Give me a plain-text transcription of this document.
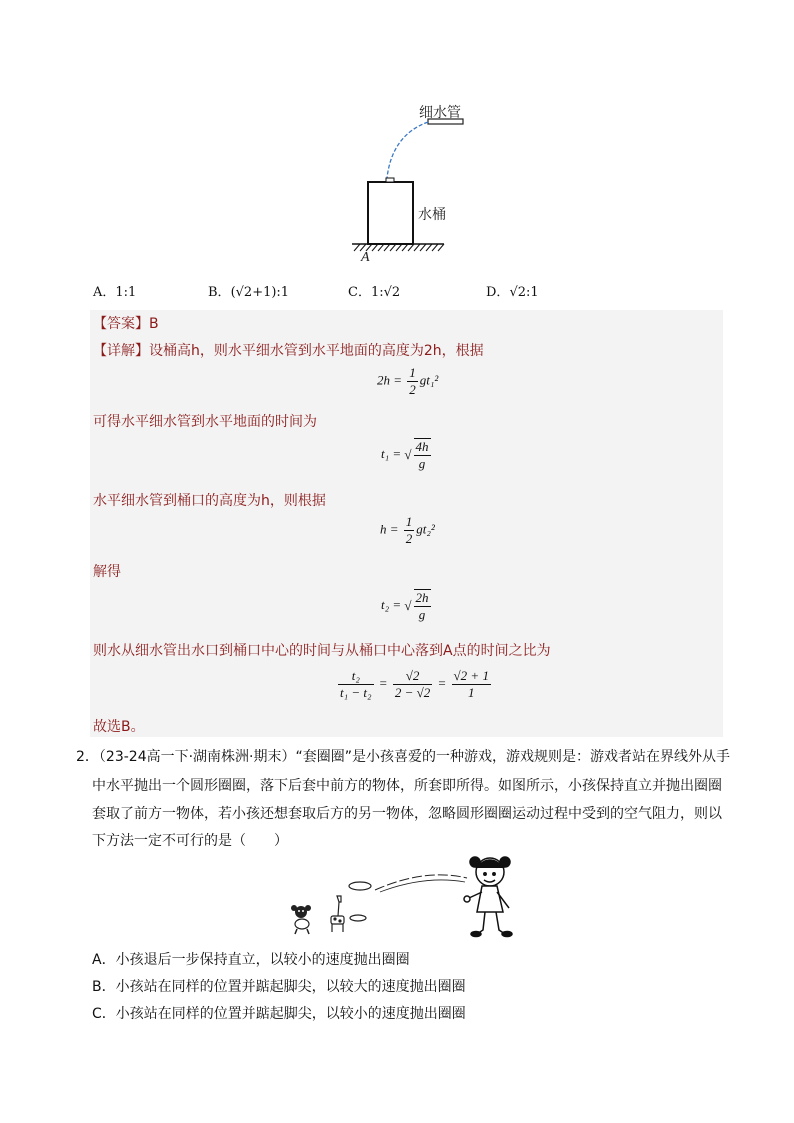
细水管
水桶
A
A．1:1	B．(√2+1):1	C．1:√2	D．√2:1
【答案】B
【详解】设桶高h，则水平细水管到水平地面的高度为2h，根据
$2h = \frac{1}{2} gt_1^2$
可得水平细水管到水平地面的时间为
t₁ = √ $\frac{4h}{g}$
水平细水管到桶口的高度为h，则根据
$h = \frac{1}{2} gt_2^2$
解得
t₂ = √ $\frac{2h}{g}$
则水从细水管出水口到桶口中心的时间与从桶口中心落到A点的时间之比为
$\frac{\text{t₂}}{\text{t₁ − t₂}} = \frac{√2}{2 - √2} = \frac{√2 + 1}{1}$
故选B。
2．（23-24高一下·湖南株洲·期末）“套圈圈”是小孩喜爱的一种游戏，游戏规则是：游戏者站在界线外从手
中水平抛出一个圆形圈圈，落下后套中前方的物体，所套即所得。如图所示，小孩保持直立并抛出圈圈
套取了前方一物体，若小孩还想套取后方的另一物体，忽略圆形圈圈运动过程中受到的空气阻力，则以
下方法一定不可行的是（　　）
A．小孩退后一步保持直立，以较小的速度抛出圈圈
B．小孩站在同样的位置并踮起脚尖，以较大的速度抛出圈圈
C．小孩站在同样的位置并踮起脚尖，以较小的速度抛出圈圈
